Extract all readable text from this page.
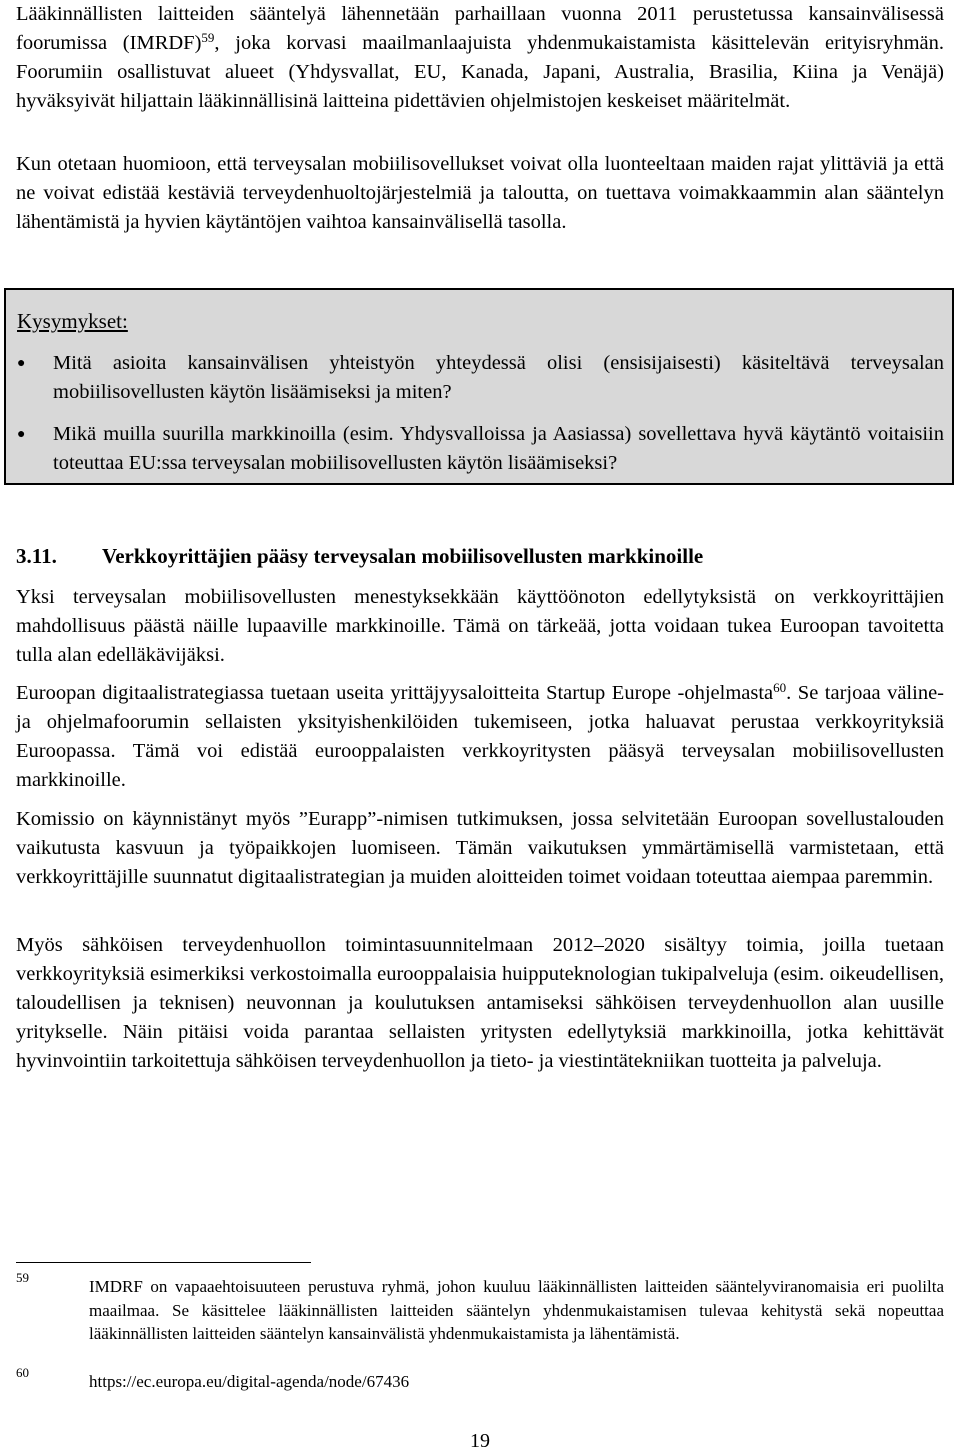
Lääkinnällisten laitteiden sääntelyä lähennetään parhaillaan vuonna 2011 perustetussa kansainvälisessä foorumissa (IMRDF)$^{59}$, joka korvasi maailmanlaajuista yhdenmukaistamista käsittelevän erityisryhmän. Foorumiin osallistuvat alueet (Yhdysvallat, EU, Kanada, Japani, Australia, Brasilia, Kiina ja Venäjä) hyväksyivät hiljattain lääkinnällisinä laitteina pidettävien ohjelmistojen keskeiset määritelmät.

Kun otetaan huomioon, että terveysalan mobiilisovellukset voivat olla luonteeltaan maiden rajat ylittäviä ja että ne voivat edistää kestäviä terveydenhuoltojärjestelmiä ja taloutta, on tuettava voimakkaammin alan sääntelyn lähentämistä ja hyvien käytäntöjen vaihtoa kansainvälisellä tasolla.

Kysymykset:
●	Mitä asioita kansainvälisen yhteistyön yhteydessä olisi (ensisijaisesti) käsiteltävä terveysalan mobiilisovellusten käytön lisäämiseksi ja miten?
●	Mikä muilla suurilla markkinoilla (esim. Yhdysvalloissa ja Aasiassa) sovellettava hyvä käytäntö voitaisiin toteuttaa EU:ssa terveysalan mobiilisovellusten käytön lisäämiseksi?
3.11. Verkkoyrittäjien pääsy terveysalan mobiilisovellusten markkinoille

Yksi terveysalan mobiilisovellusten menestyksekkään käyttöönoton edellytyksistä on verkkoyrittäjien mahdollisuus päästä näille lupaaville markkinoille. Tämä on tärkeää, jotta voidaan tukea Euroopan tavoitetta tulla alan edelläkävijäksi.

Euroopan digitaalistrategiassa tuetaan useita yrittäjyysaloitteita Startup Europe -ohjelmasta$^{60}$. Se tarjoaa väline- ja ohjelmafoorumin sellaisten yksityishenkilöiden tukemiseen, jotka haluavat perustaa verkkoyrityksiä Euroopassa. Tämä voi edistää eurooppalaisten verkkoyritysten pääsyä terveysalan mobiilisovellusten markkinoille.

Komissio on käynnistänyt myös ”Eurapp”-nimisen tutkimuksen, jossa selvitetään Euroopan sovellustalouden vaikutusta kasvuun ja työpaikkojen luomiseen. Tämän vaikutuksen ymmärtämisellä varmistetaan, että verkkoyrittäjille suunnatut digitaalistrategian ja muiden aloitteiden toimet voidaan toteuttaa aiempaa paremmin.

Myös sähköisen terveydenhuollon toimintasuunnitelmaan 2012–2020 sisältyy toimia, joilla tuetaan verkkoyrityksiä esimerkiksi verkostoimalla eurooppalaisia huipputeknologian tukipalveluja (esim. oikeudellisen, taloudellisen ja teknisen) neuvonnan ja koulutuksen antamiseksi sähköisen terveydenhuollon alan uusille yritykselle. Näin pitäisi voida parantaa sellaisten yritysten edellytyksiä markkinoilla, jotka kehittävät hyvinvointiin tarkoitettuja sähköisen terveydenhuollon ja tieto- ja viestintätekniikan tuotteita ja palveluja.

59	IMDRF on vapaaehtoisuuteen perustuva ryhmä, johon kuuluu lääkinnällisten laitteiden sääntelyviranomaisia eri puolilta maailmaa. Se käsittelee lääkinnällisten laitteiden sääntelyn yhdenmukaistamisen tulevaa kehitystä sekä nopeuttaa lääkinnällisten laitteiden sääntelyn kansainvälistä yhdenmukaistamista ja lähentämistä.
60	https://ec.europa.eu/digital-agenda/node/67436
19
